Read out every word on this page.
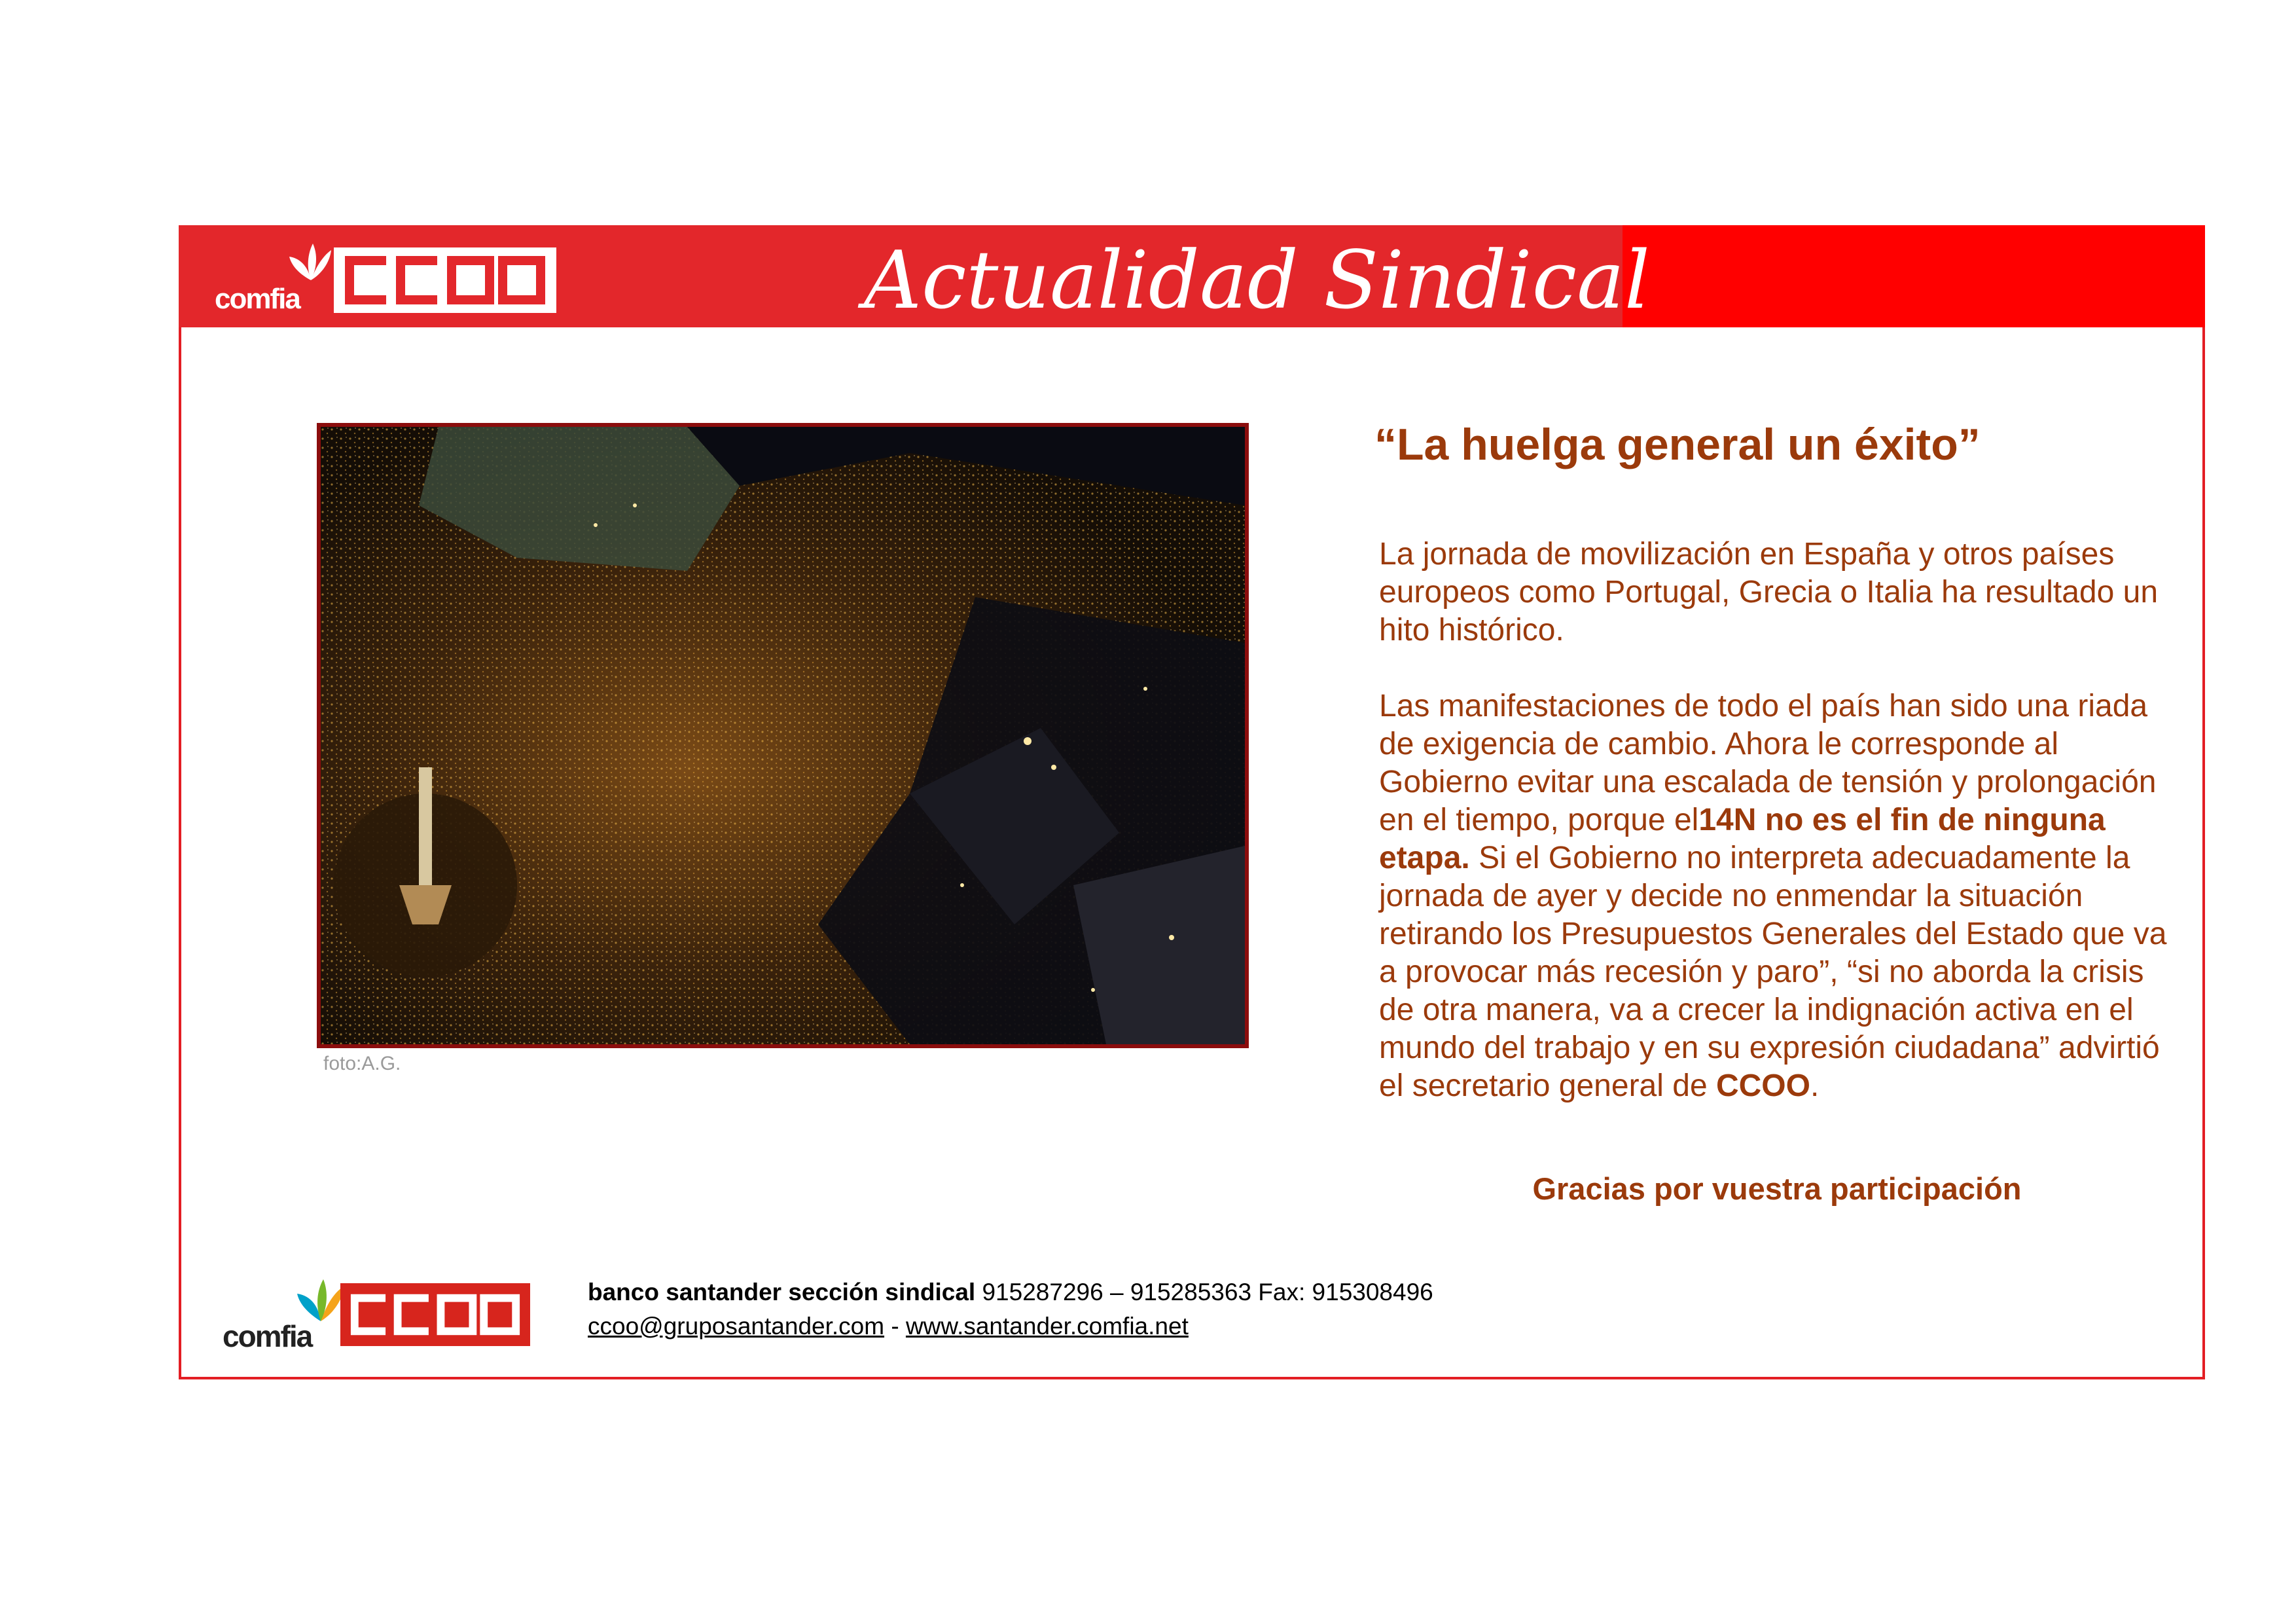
comfia	Actualidad Sindical
foto:A.G.
“La huelga general un éxito”

La jornada de movilización en España y otros países europeos como Portugal, Grecia o Italia ha resultado un hito histórico.

Las manifestaciones de todo el país han sido una riada de exigencia de cambio. Ahora le corresponde al Gobierno evitar una escalada de tensión y prolongación en el tiempo, porque el14N no es el fin de ninguna etapa. Si el Gobierno no interpreta adecuadamente la jornada de ayer y decide no enmendar la situación retirando los Presupuestos Generales del Estado que va a provocar más recesión y paro”, “si no aborda la crisis de otra manera, va a crecer la indignación activa en el mundo del trabajo y en su expresión ciudadana” advirtió el secretario general de CCOO.

Gracias por vuestra participación
comfia
banco santander sección sindical 915287296 – 915285363 Fax: 915308496
ccoo@gruposantander.com - www.santander.comfia.net
